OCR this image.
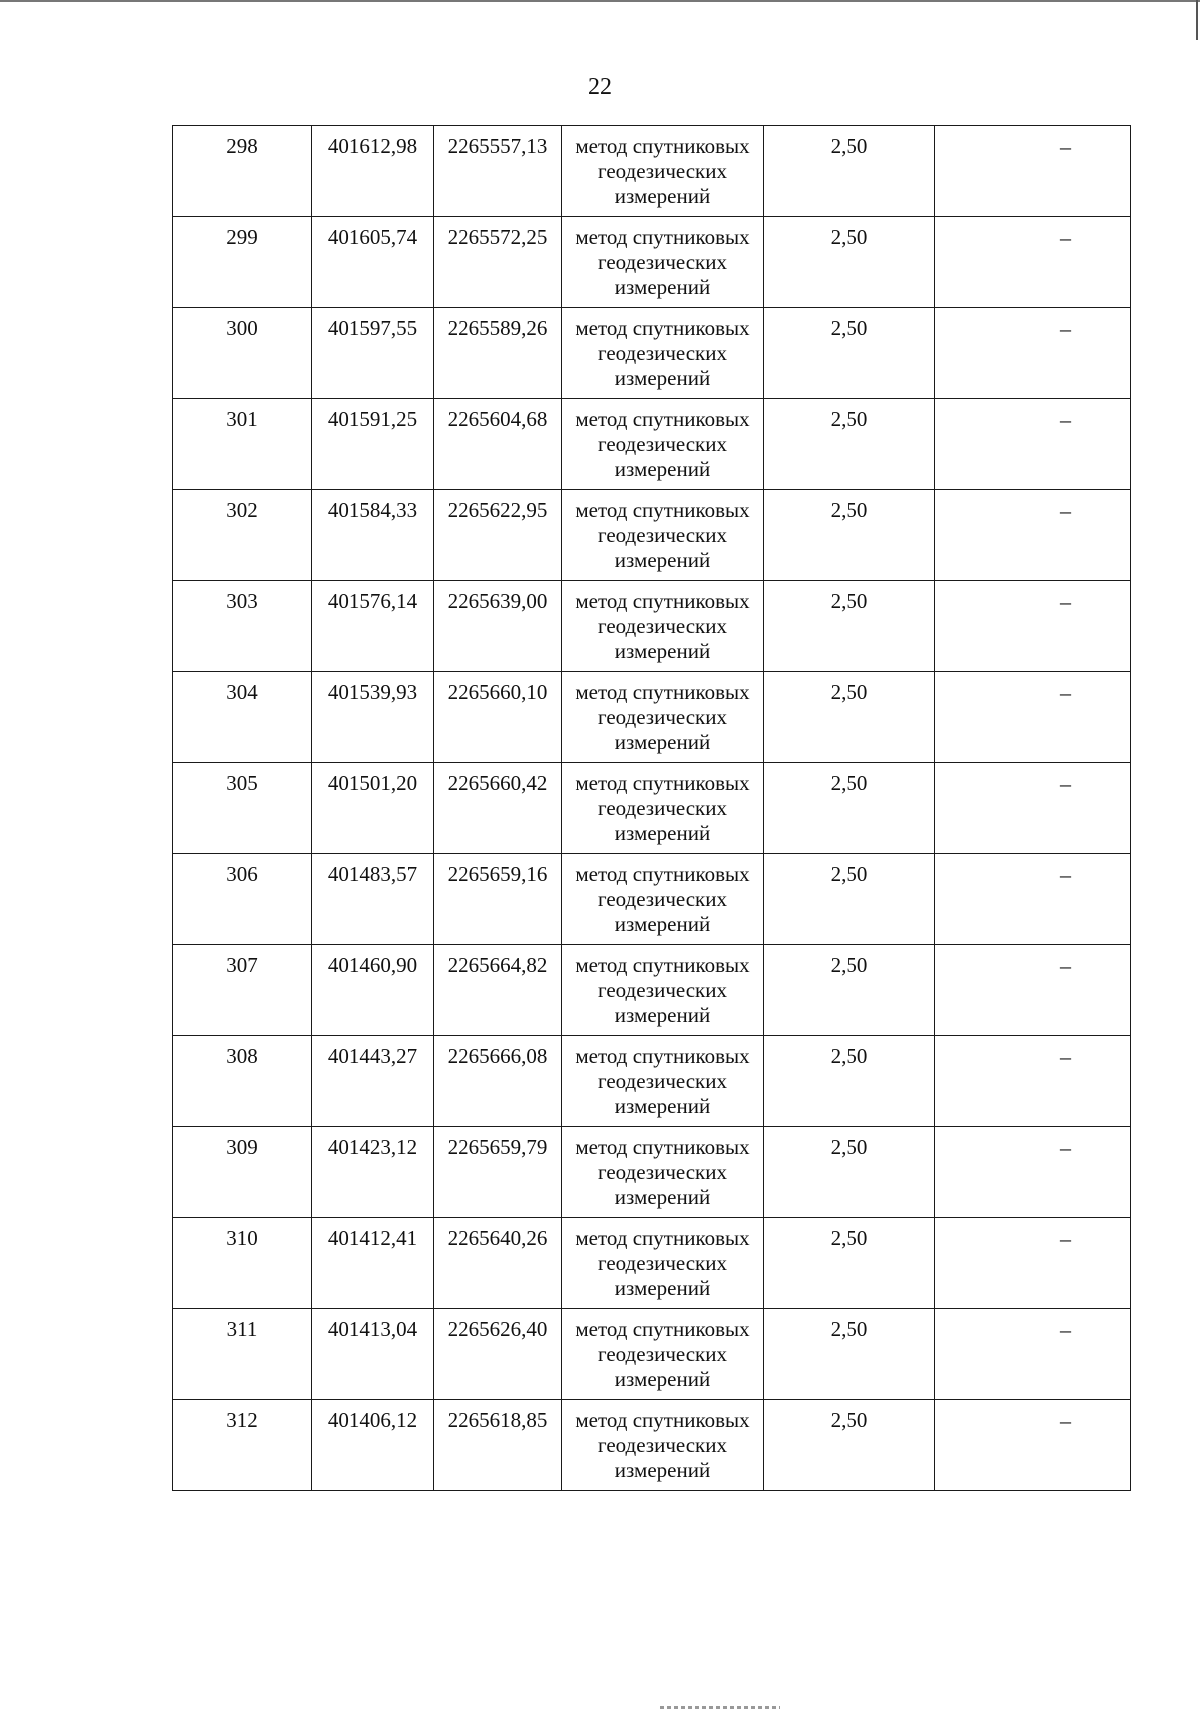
22
298	401612,98	2265557,13	метод спутниковых геодезических измерений	2,50	–
299	401605,74	2265572,25	метод спутниковых геодезических измерений	2,50	–
300	401597,55	2265589,26	метод спутниковых геодезических измерений	2,50	–
301	401591,25	2265604,68	метод спутниковых геодезических измерений	2,50	–
302	401584,33	2265622,95	метод спутниковых геодезических измерений	2,50	–
303	401576,14	2265639,00	метод спутниковых геодезических измерений	2,50	–
304	401539,93	2265660,10	метод спутниковых геодезических измерений	2,50	–
305	401501,20	2265660,42	метод спутниковых геодезических измерений	2,50	–
306	401483,57	2265659,16	метод спутниковых геодезических измерений	2,50	–
307	401460,90	2265664,82	метод спутниковых геодезических измерений	2,50	–
308	401443,27	2265666,08	метод спутниковых геодезических измерений	2,50	–
309	401423,12	2265659,79	метод спутниковых геодезических измерений	2,50	–
310	401412,41	2265640,26	метод спутниковых геодезических измерений	2,50	–
311	401413,04	2265626,40	метод спутниковых геодезических измерений	2,50	–
312	401406,12	2265618,85	метод спутниковых геодезических измерений	2,50	–
